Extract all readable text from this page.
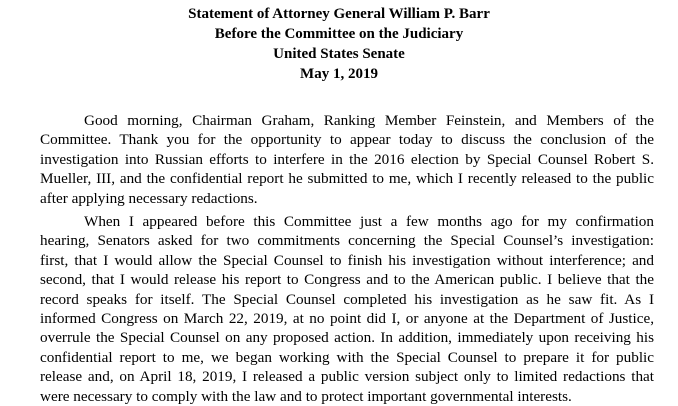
Statement of Attorney General William P. Barr
Before the Committee on the Judiciary
United States Senate
May 1, 2019
Good morning, Chairman Graham, Ranking Member Feinstein, and Members of the
Committee. Thank you for the opportunity to appear today to discuss the conclusion of the
investigation into Russian efforts to interfere in the 2016 election by Special Counsel Robert S.
Mueller, III, and the confidential report he submitted to me, which I recently released to the public
after applying necessary redactions.
When I appeared before this Committee just a few months ago for my confirmation
hearing, Senators asked for two commitments concerning the Special Counsel’s investigation:
first, that I would allow the Special Counsel to finish his investigation without interference; and
second, that I would release his report to Congress and to the American public. I believe that the
record speaks for itself. The Special Counsel completed his investigation as he saw fit. As I
informed Congress on March 22, 2019, at no point did I, or anyone at the Department of Justice,
overrule the Special Counsel on any proposed action. In addition, immediately upon receiving his
confidential report to me, we began working with the Special Counsel to prepare it for public
release and, on April 18, 2019, I released a public version subject only to limited redactions that
were necessary to comply with the law and to protect important governmental interests.
